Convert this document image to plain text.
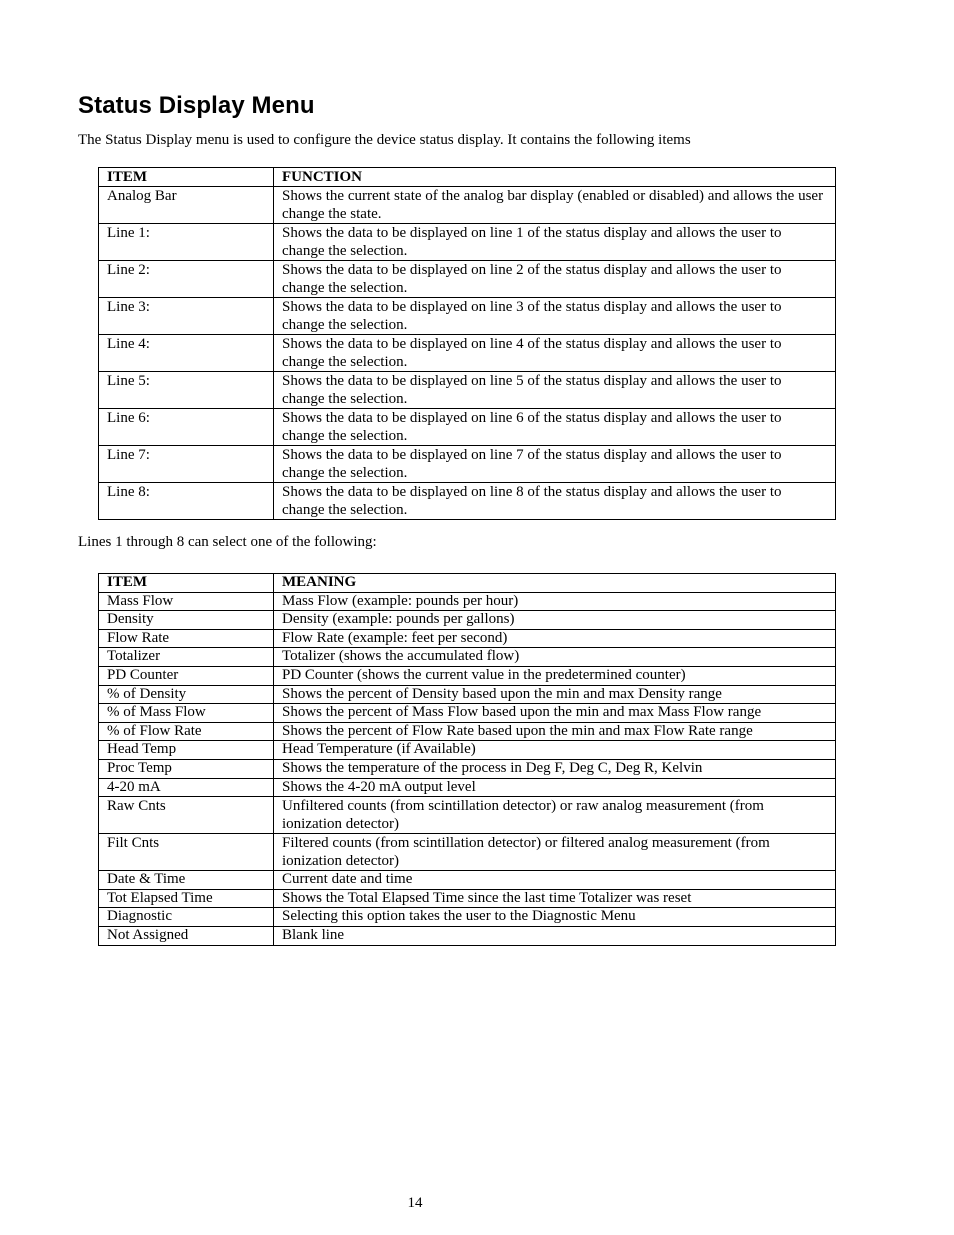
Status Display Menu

The Status Display menu is used to configure the device status display. It contains the following items

ITEM	FUNCTION
Analog Bar	Shows the current state of the analog bar display (enabled or disabled) and allows the user change the state.
Line 1:	Shows the data to be displayed on line 1 of the status display and allows the user to change the selection.
Line 2:	Shows the data to be displayed on line 2 of the status display and allows the user to change the selection.
Line 3:	Shows the data to be displayed on line 3 of the status display and allows the user to change the selection.
Line 4:	Shows the data to be displayed on line 4 of the status display and allows the user to change the selection.
Line 5:	Shows the data to be displayed on line 5 of the status display and allows the user to change the selection.
Line 6:	Shows the data to be displayed on line 6 of the status display and allows the user to change the selection.
Line 7:	Shows the data to be displayed on line 7 of the status display and allows the user to change the selection.
Line 8:	Shows the data to be displayed on line 8 of the status display and allows the user to change the selection.

Lines 1 through 8 can select one of the following:

ITEM	MEANING
Mass Flow	Mass Flow (example: pounds per hour)
Density	Density (example: pounds per gallons)
Flow Rate	Flow Rate (example: feet per second)
Totalizer	Totalizer (shows the accumulated flow)
PD Counter	PD Counter (shows the current value in the predetermined counter)
% of Density	Shows the percent of Density based upon the min and max Density range
% of Mass Flow	Shows the percent of Mass Flow based upon the min and max Mass Flow range
% of Flow Rate	Shows the percent of Flow Rate based upon the min and max Flow Rate range
Head Temp	Head Temperature (if Available)
Proc Temp	Shows the temperature of the process in Deg F, Deg C, Deg R, Kelvin
4-20 mA	Shows the 4-20 mA output level
Raw Cnts	Unfiltered counts (from scintillation detector) or raw analog measurement (from ionization detector)
Filt Cnts	Filtered counts (from scintillation detector) or filtered analog measurement (from ionization detector)
Date & Time	Current date and time
Tot Elapsed Time	Shows the Total Elapsed Time since the last time Totalizer was reset
Diagnostic	Selecting this option takes the user to the Diagnostic Menu
Not Assigned	Blank line
14
